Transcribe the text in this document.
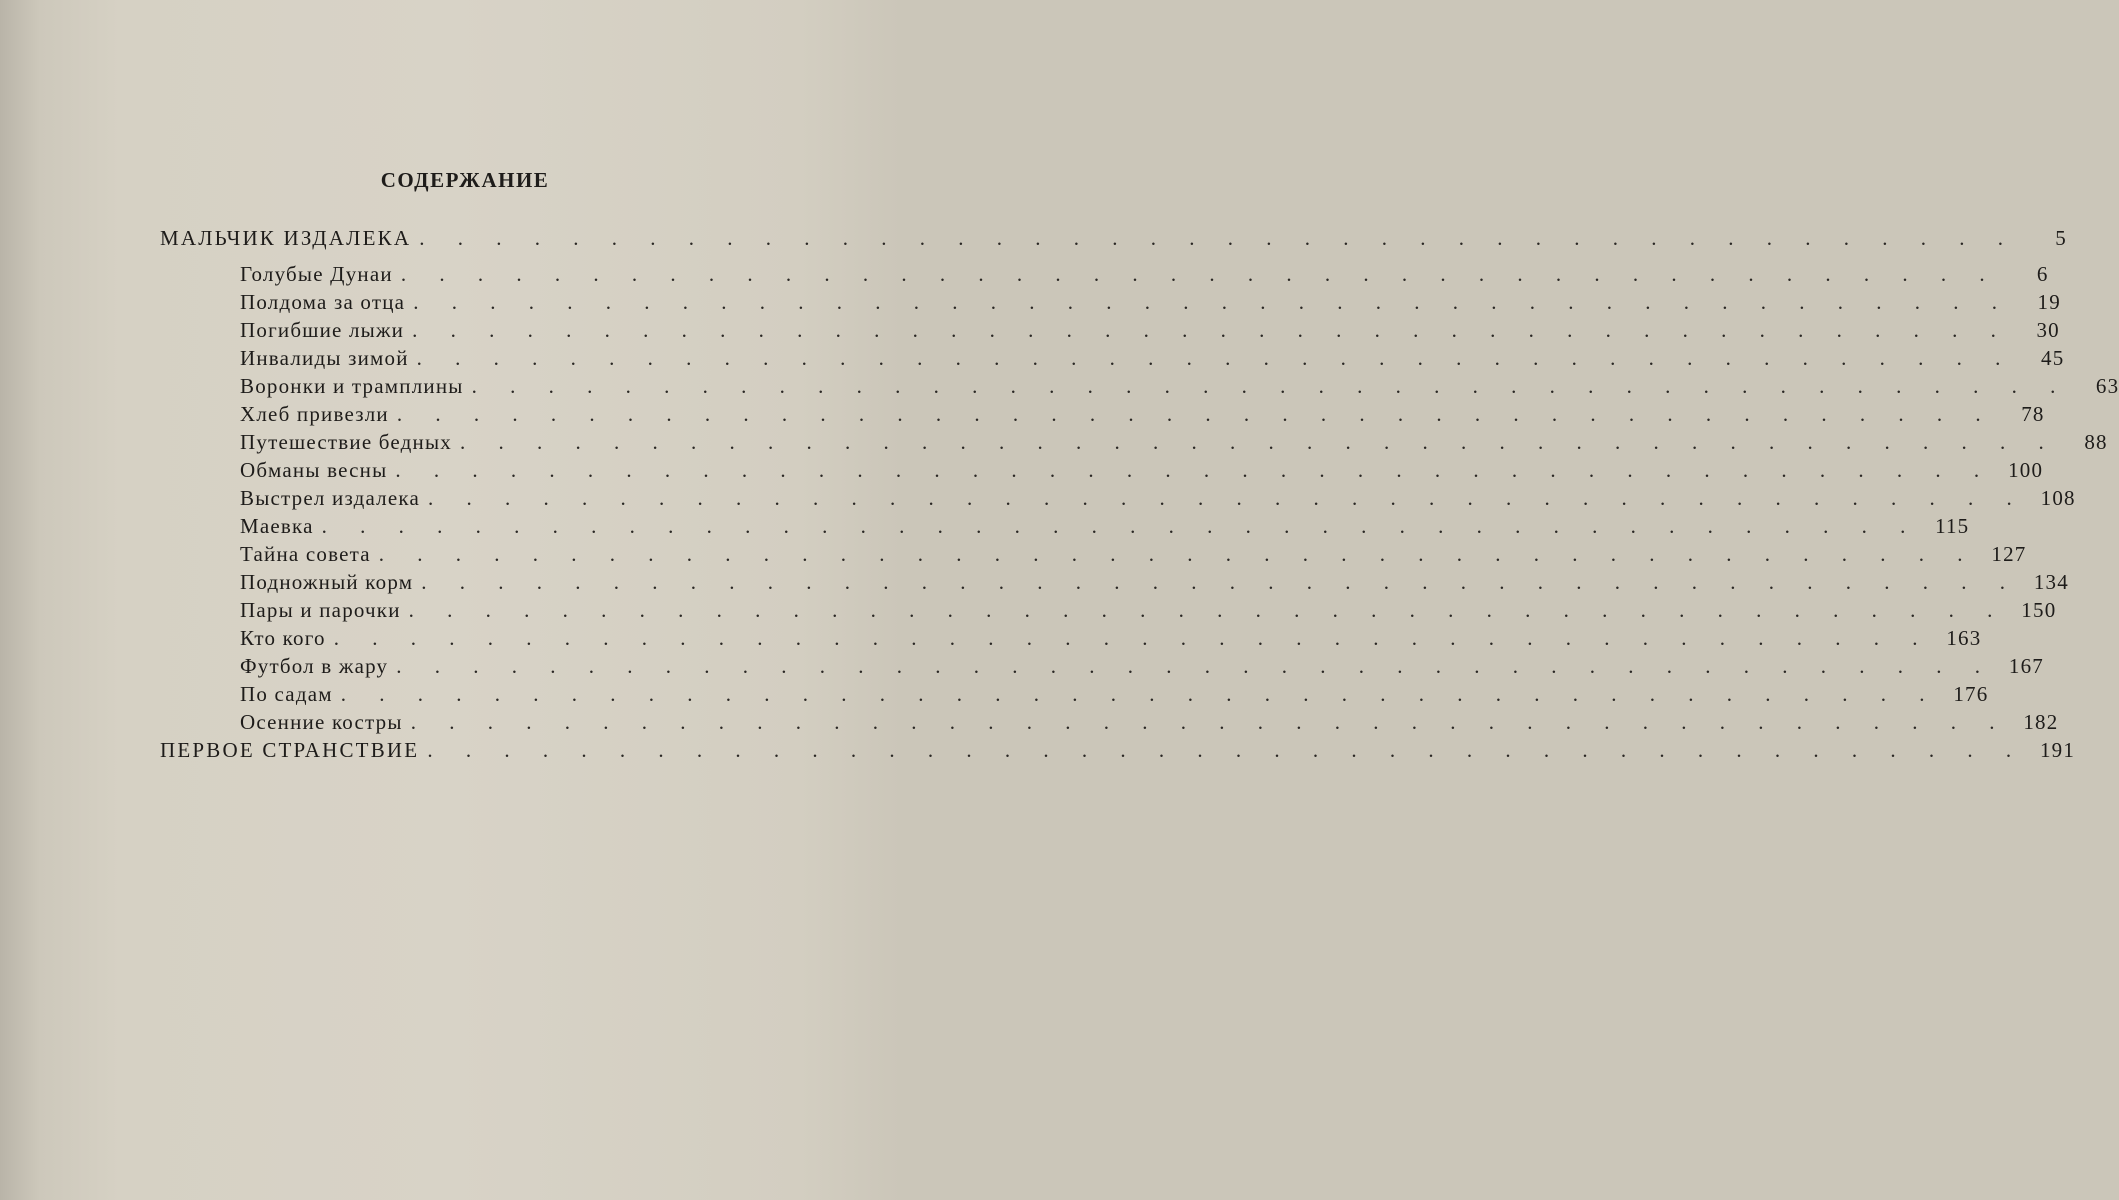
СОДЕРЖАНИЕ
МАЛЬЧИК ИЗДАЛЕКА . . . . . . . . . . . . . . . . . . . . . . . . . . . . . . . . . . . . . . . . . .	5
Голубые Дунаи . . . . . . . . . . . . . . . . . . . . . . . . . . . . . . . . . . . . . . . . . .	6
Полдома за отца . . . . . . . . . . . . . . . . . . . . . . . . . . . . . . . . . . . . . . . . . .	19
Погибшие лыжи . . . . . . . . . . . . . . . . . . . . . . . . . . . . . . . . . . . . . . . . . .	30
Инвалиды зимой . . . . . . . . . . . . . . . . . . . . . . . . . . . . . . . . . . . . . . . . . .	45
Воронки и трамплины . . . . . . . . . . . . . . . . . . . . . . . . . . . . . . . . . . . . . . . . . .	63
Хлеб привезли . . . . . . . . . . . . . . . . . . . . . . . . . . . . . . . . . . . . . . . . . .	78
Путешествие бедных . . . . . . . . . . . . . . . . . . . . . . . . . . . . . . . . . . . . . . . . . .	88
Обманы весны . . . . . . . . . . . . . . . . . . . . . . . . . . . . . . . . . . . . . . . . . . 100
Выстрел издалека . . . . . . . . . . . . . . . . . . . . . . . . . . . . . . . . . . . . . . . . . . 108
Маевка . . . . . . . . . . . . . . . . . . . . . . . . . . . . . . . . . . . . . . . . . . 115
Тайна совета . . . . . . . . . . . . . . . . . . . . . . . . . . . . . . . . . . . . . . . . . . 127
Подножный корм . . . . . . . . . . . . . . . . . . . . . . . . . . . . . . . . . . . . . . . . . . 134
Пары и парочки . . . . . . . . . . . . . . . . . . . . . . . . . . . . . . . . . . . . . . . . . . 150
Кто кого . . . . . . . . . . . . . . . . . . . . . . . . . . . . . . . . . . . . . . . . . . 163
Футбол в жару . . . . . . . . . . . . . . . . . . . . . . . . . . . . . . . . . . . . . . . . . . 167
По садам . . . . . . . . . . . . . . . . . . . . . . . . . . . . . . . . . . . . . . . . . . 176
Осенние костры . . . . . . . . . . . . . . . . . . . . . . . . . . . . . . . . . . . . . . . . . . 182
ПЕРВОЕ СТРАНСТВИЕ . . . . . . . . . . . . . . . . . . . . . . . . . . . . . . . . . . . . . . . . . . 191
